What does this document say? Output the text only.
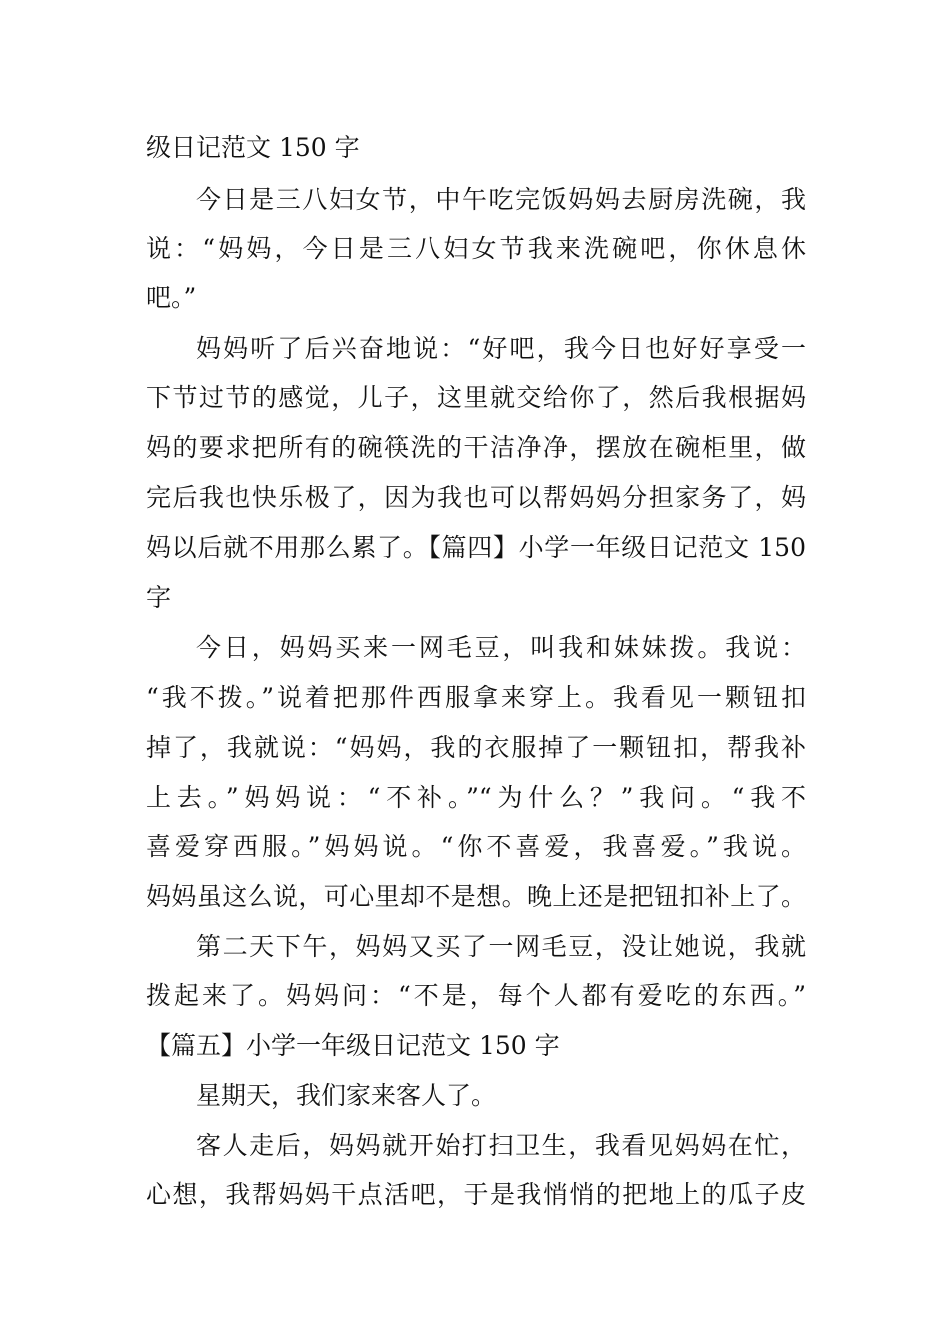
级日记范文 150 字
今日是三八妇女节，中午吃完饭妈妈去厨房洗碗，我
说：“妈妈，今日是三八妇女节我来洗碗吧，你休息休
吧。”
妈妈听了后兴奋地说：“好吧，我今日也好好享受一
下节过节的感觉，儿子，这里就交给你了，然后我根据妈
妈的要求把所有的碗筷洗的干洁净净，摆放在碗柜里，做
完后我也快乐极了，因为我也可以帮妈妈分担家务了，妈
妈以后就不用那么累了。【篇四】小学一年级日记范文 150
字
今日，妈妈买来一网毛豆，叫我和妹妹拨。我说：
“我不拨。”说着把那件西服拿来穿上。我看见一颗钮扣
掉了，我就说：“妈妈，我的衣服掉了一颗钮扣，帮我补
上去。”妈妈说：“不补。”“为什么？”我问。“我不
喜爱穿西服。”妈妈说。“你不喜爱，我喜爱。”我说。
妈妈虽这么说，可心里却不是想。晚上还是把钮扣补上了。
第二天下午，妈妈又买了一网毛豆，没让她说，我就
拨起来了。妈妈问：“不是，每个人都有爱吃的东西。”
【篇五】小学一年级日记范文 150 字
星期天，我们家来客人了。
客人走后，妈妈就开始打扫卫生，我看见妈妈在忙，
心想，我帮妈妈干点活吧，于是我悄悄的把地上的瓜子皮
